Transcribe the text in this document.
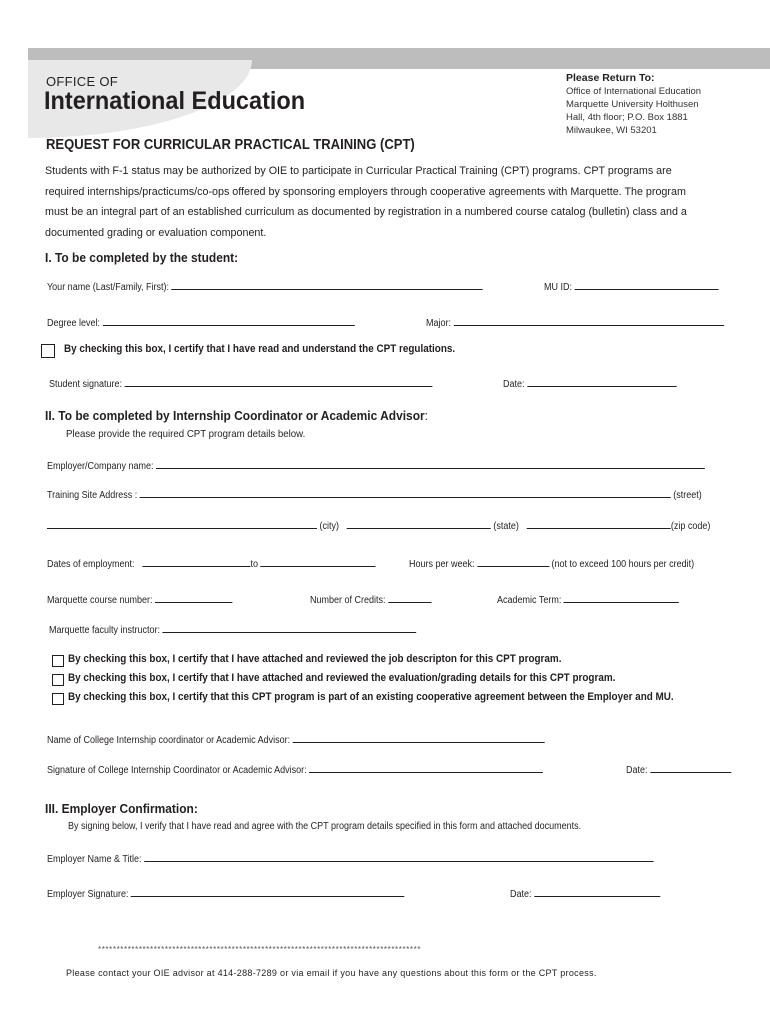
OFFICE OF
International Education
REQUEST FOR CURRICULAR PRACTICAL TRAINING (CPT)
Please Return To:
Office of International Education
Marquette University Holthusen
Hall, 4th floor; P.O. Box 1881
Milwaukee, WI 53201
Students with F-1 status may be authorized by OIE to participate in Curricular Practical Training (CPT) programs. CPT programs are required internships/practicums/co-ops offered by sponsoring employers through cooperative agreements with Marquette. The program must be an integral part of an established curriculum as documented by registration in a numbered course catalog (bulletin) class and a documented grading or evaluation component.
I. To be completed by the student:
Your name (Last/Family, First):	MU ID:
Degree level:	Major:
By checking this box, I certify that I have read and understand the CPT regulations.
Student signature:	Date:
II. To be completed by Internship Coordinator or Academic Advisor:
Please provide the required CPT program details below.
Employer/Company name:
Training Site Address :	(street)
(city)	(state)	(zip code)
Dates of employment:	to	Hours per week:	(not to exceed 100 hours per credit)
Marquette course number:	Number of Credits:	Academic Term:
Marquette faculty instructor:
By checking this box, I certify that I have attached and reviewed the job descripton for this CPT program.
By checking this box, I certify that I have attached and reviewed the evaluation/grading details for this CPT program.
By checking this box, I certify that this CPT program is part of an existing cooperative agreement between the Employer and MU.
Name of College Internship coordinator or Academic Advisor:
Signature of College Internship Coordinator or Academic Advisor:	Date:
III. Employer Confirmation:
By signing below, I verify that I have read and agree with the CPT program details specified in this form and attached documents.
Employer Name & Title:
Employer Signature:	Date:
***************************************************************************************
Please contact your OIE advisor at 414-288-7289 or via email if you have any questions about this form or the CPT process.
